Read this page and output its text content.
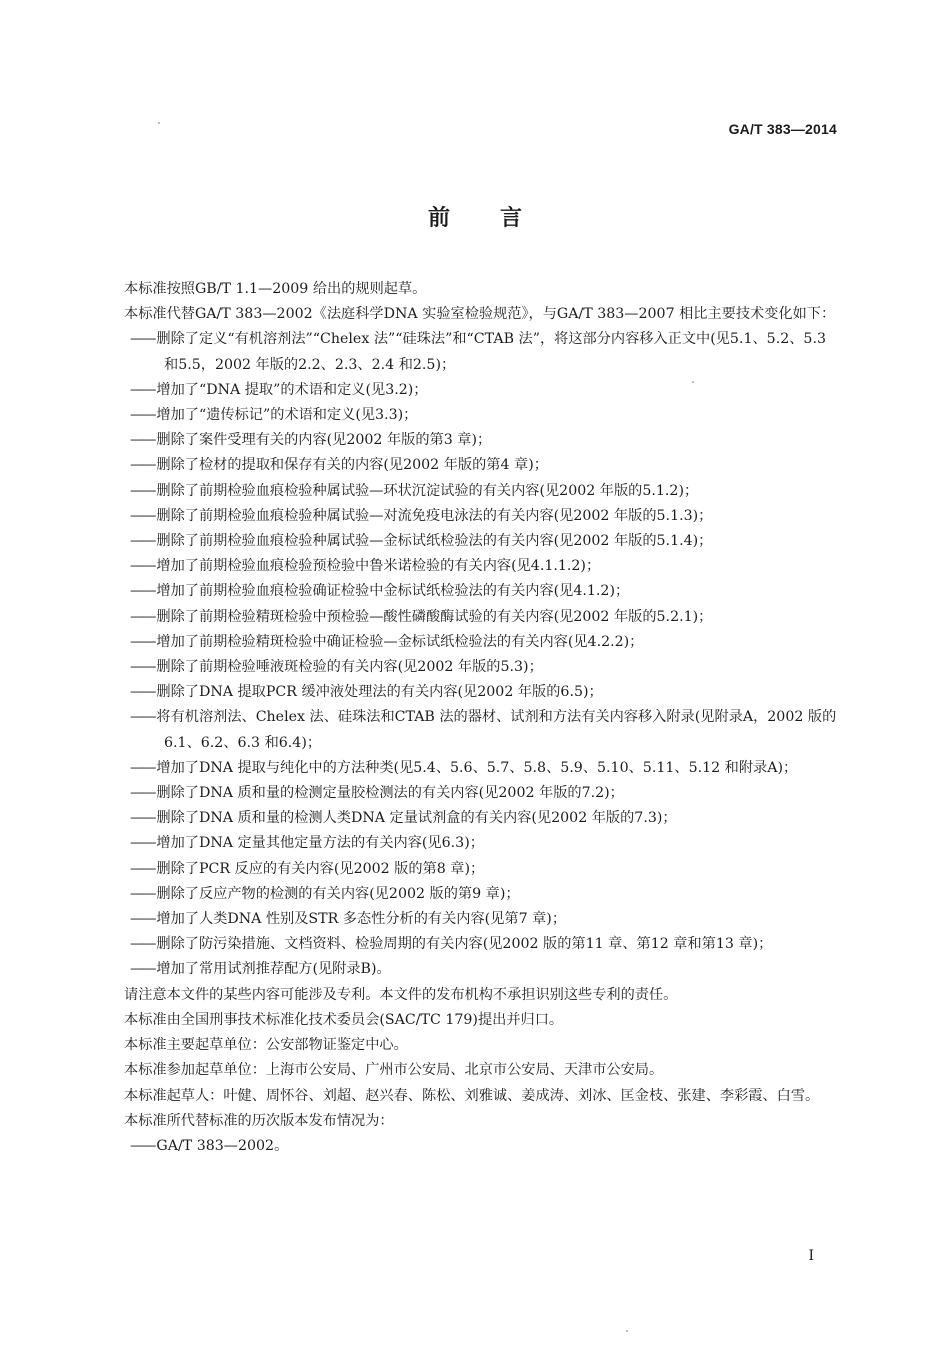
GA/T 383—2014
前 言

本标准按照GB/T 1.1—2009 给出的规则起草。

本标准代替GA/T 383—2002《法庭科学DNA 实验室检验规范》，与GA/T 383—2007 相比主要技术变化如下：

—— 删除了定义“有机溶剂法”“Chelex 法”“硅珠法”和“CTAB 法”，将这部分内容移入正文中(见5.1、5.2、5.3 和5.5，2002 年版的2.2、2.3、2.4 和2.5)；

—— 增加了“DNA 提取”的术语和定义(见3.2)；

—— 增加了“遗传标记”的术语和定义(见3.3)；

—— 删除了案件受理有关的内容(见2002 年版的第3 章)；

—— 删除了检材的提取和保存有关的内容(见2002 年版的第4 章)；

—— 删除了前期检验血痕检验种属试验—环状沉淀试验的有关内容(见2002 年版的5.1.2)；

—— 删除了前期检验血痕检验种属试验—对流免疫电泳法的有关内容(见2002 年版的5.1.3)；

—— 删除了前期检验血痕检验种属试验—金标试纸检验法的有关内容(见2002 年版的5.1.4)；

—— 增加了前期检验血痕检验预检验中鲁米诺检验的有关内容(见4.1.1.2)；

—— 增加了前期检验血痕检验确证检验中金标试纸检验法的有关内容(见4.1.2)；

—— 删除了前期检验精斑检验中预检验—酸性磷酸酶试验的有关内容(见2002 年版的5.2.1)；

—— 增加了前期检验精斑检验中确证检验—金标试纸检验法的有关内容(见4.2.2)；

—— 删除了前期检验唾液斑检验的有关内容(见2002 年版的5.3)；

—— 删除了DNA 提取PCR 缓冲液处理法的有关内容(见2002 年版的6.5)；

—— 将有机溶剂法、Chelex 法、硅珠法和CTAB 法的器材、试剂和方法有关内容移入附录(见附录A，2002 版的6.1、6.2、6.3 和6.4)；

—— 增加了DNA 提取与纯化中的方法种类(见5.4、5.6、5.7、5.8、5.9、5.10、5.11、5.12 和附录A)；

—— 删除了DNA 质和量的检测定量胶检测法的有关内容(见2002 年版的7.2)；

—— 删除了DNA 质和量的检测人类DNA 定量试剂盒的有关内容(见2002 年版的7.3)；

—— 增加了DNA 定量其他定量方法的有关内容(见6.3)；

—— 删除了PCR 反应的有关内容(见2002 版的第8 章)；

—— 删除了反应产物的检测的有关内容(见2002 版的第9 章)；

—— 增加了人类DNA 性别及STR 多态性分析的有关内容(见第7 章)；

—— 删除了防污染措施、文档资料、检验周期的有关内容(见2002 版的第11 章、第12 章和第13 章)；

—— 增加了常用试剂推荐配方(见附录B)。

请注意本文件的某些内容可能涉及专利。本文件的发布机构不承担识别这些专利的责任。

本标准由全国刑事技术标准化技术委员会(SAC/TC 179)提出并归口。

本标准主要起草单位：公安部物证鉴定中心。

本标准参加起草单位：上海市公安局、广州市公安局、北京市公安局、天津市公安局。

本标准起草人：叶健、周怀谷、刘超、赵兴春、陈松、刘雅诚、姜成涛、刘冰、匡金枝、张建、李彩霞、白雪。

本标准所代替标准的历次版本发布情况为：

—— GA/T 383—2002。

I
